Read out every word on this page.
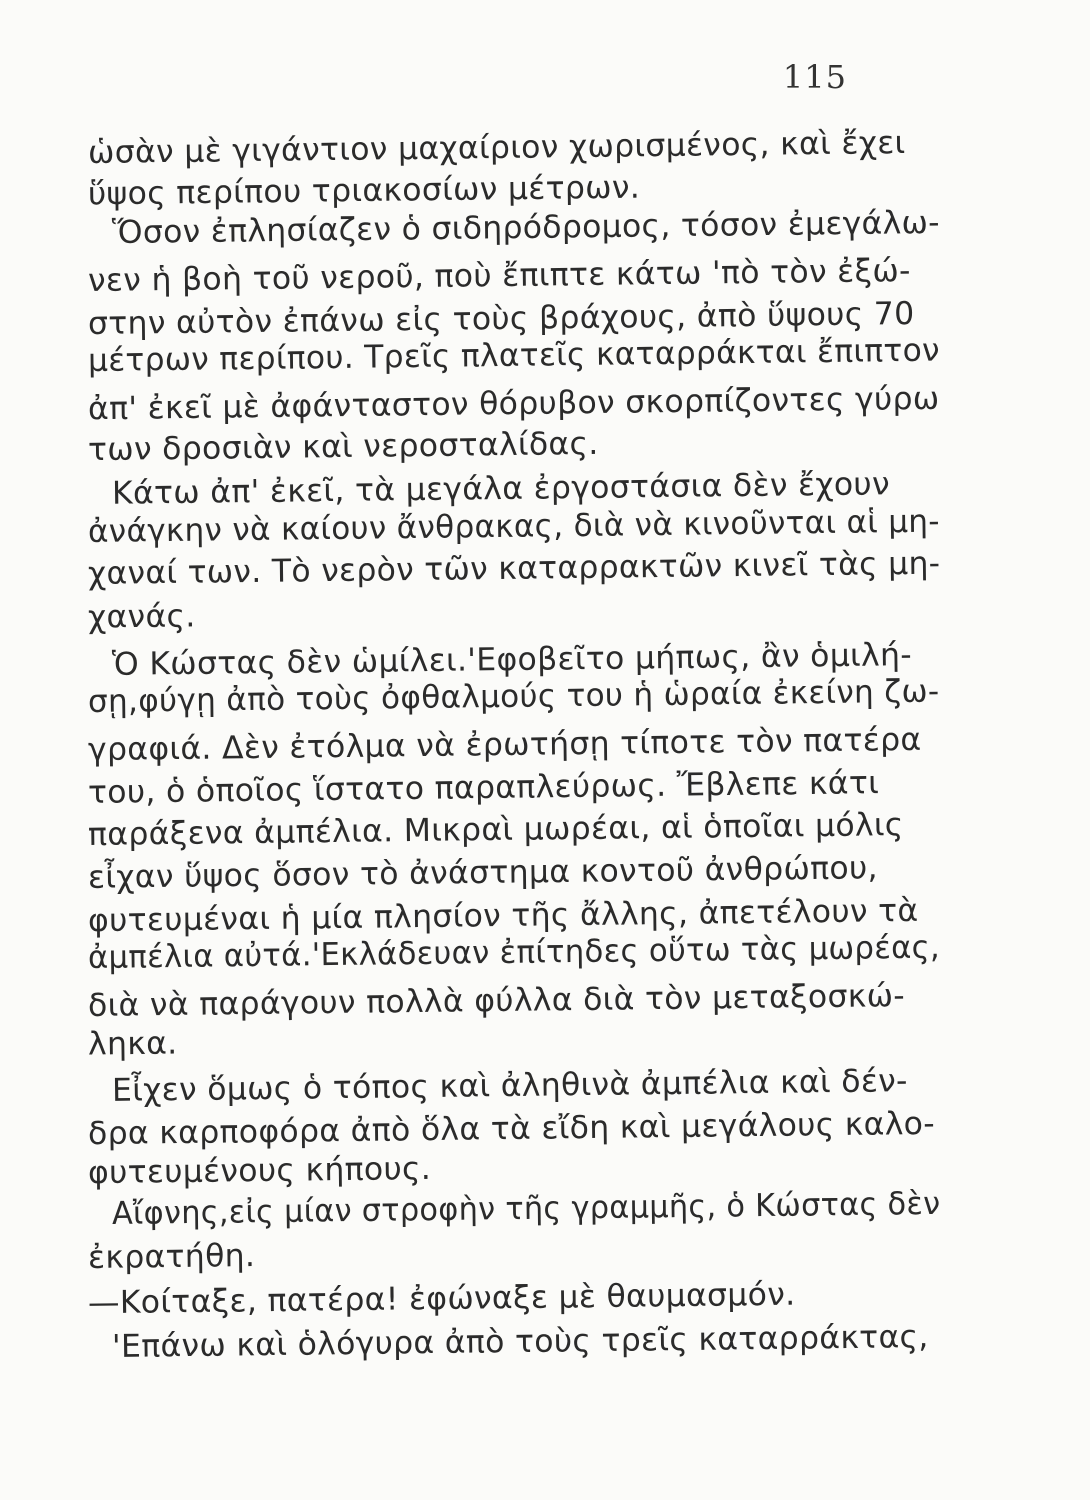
115
ὡσὰν μὲ γιγάντιον μαχαίριον χωρισμένος, καὶ ἔχει
ὕψος περίπου τριακοσίων μέτρων.
Ὅσον ἐπλησίαζεν ὁ σιδηρόδρομος, τόσον ἐμεγάλω-
νεν ἡ βοὴ τοῦ νεροῦ, ποὺ ἔπιπτε κάτω 'πὸ τὸν ἐξώ-
στην αὐτὸν ἐπάνω εἰς τοὺς βράχους, ἀπὸ ὕψους 70
μέτρων περίπου. Τρεῖς πλατεῖς καταρράκται ἔπιπτον
ἀπ' ἐκεῖ μὲ ἀφάνταστον θόρυβον σκορπίζοντες γύρω
των δροσιὰν καὶ νεροσταλίδας.
Κάτω ἀπ' ἐκεῖ, τὰ μεγάλα ἐργοστάσια δὲν ἔχουν
ἀνάγκην νὰ καίουν ἄνθρακας, διὰ νὰ κινοῦνται αἱ μη-
χαναί των. Τὸ νερὸν τῶν καταρρακτῶν κινεῖ τὰς μη-
χανάς.
Ὁ Κώστας δὲν ὡμίλει.'Εφοβεῖτο μήπως, ἂν ὁμιλή-
σῃ,φύγῃ ἀπὸ τοὺς ὀφθαλμούς του ἡ ὡραία ἐκείνη ζω-
γραφιά. Δὲν ἐτόλμα νὰ ἐρωτήσῃ τίποτε τὸν πατέρα
του, ὁ ὁποῖος ἵστατο παραπλεύρως. Ἔβλεπε κάτι
παράξενα ἀμπέλια. Μικραὶ μωρέαι, αἱ ὁποῖαι μόλις
εἶχαν ὕψος ὅσον τὸ ἀνάστημα κοντοῦ ἀνθρώπου,
φυτευμέναι ἡ μία πλησίον τῆς ἄλλης, ἀπετέλουν τὰ
ἀμπέλια αὐτά.'Εκλάδευαν ἐπίτηδες οὕτω τὰς μωρέας,
διὰ νὰ παράγουν πολλὰ φύλλα διὰ τὸν μεταξοσκώ-
ληκα.
Εἶχεν ὅμως ὁ τόπος καὶ ἀληθινὰ ἀμπέλια καὶ δέν-
δρα καρποφόρα ἀπὸ ὅλα τὰ εἴδη καὶ μεγάλους καλο-
φυτευμένους κήπους.
Αἴφνης,εἰς μίαν στροφὴν τῆς γραμμῆς, ὁ Κώστας δὲν
ἐκρατήθη.
—Κοίταξε, πατέρα! ἐφώναξε μὲ θαυμασμόν.
'Επάνω καὶ ὁλόγυρα ἀπὸ τοὺς τρεῖς καταρράκτας,
